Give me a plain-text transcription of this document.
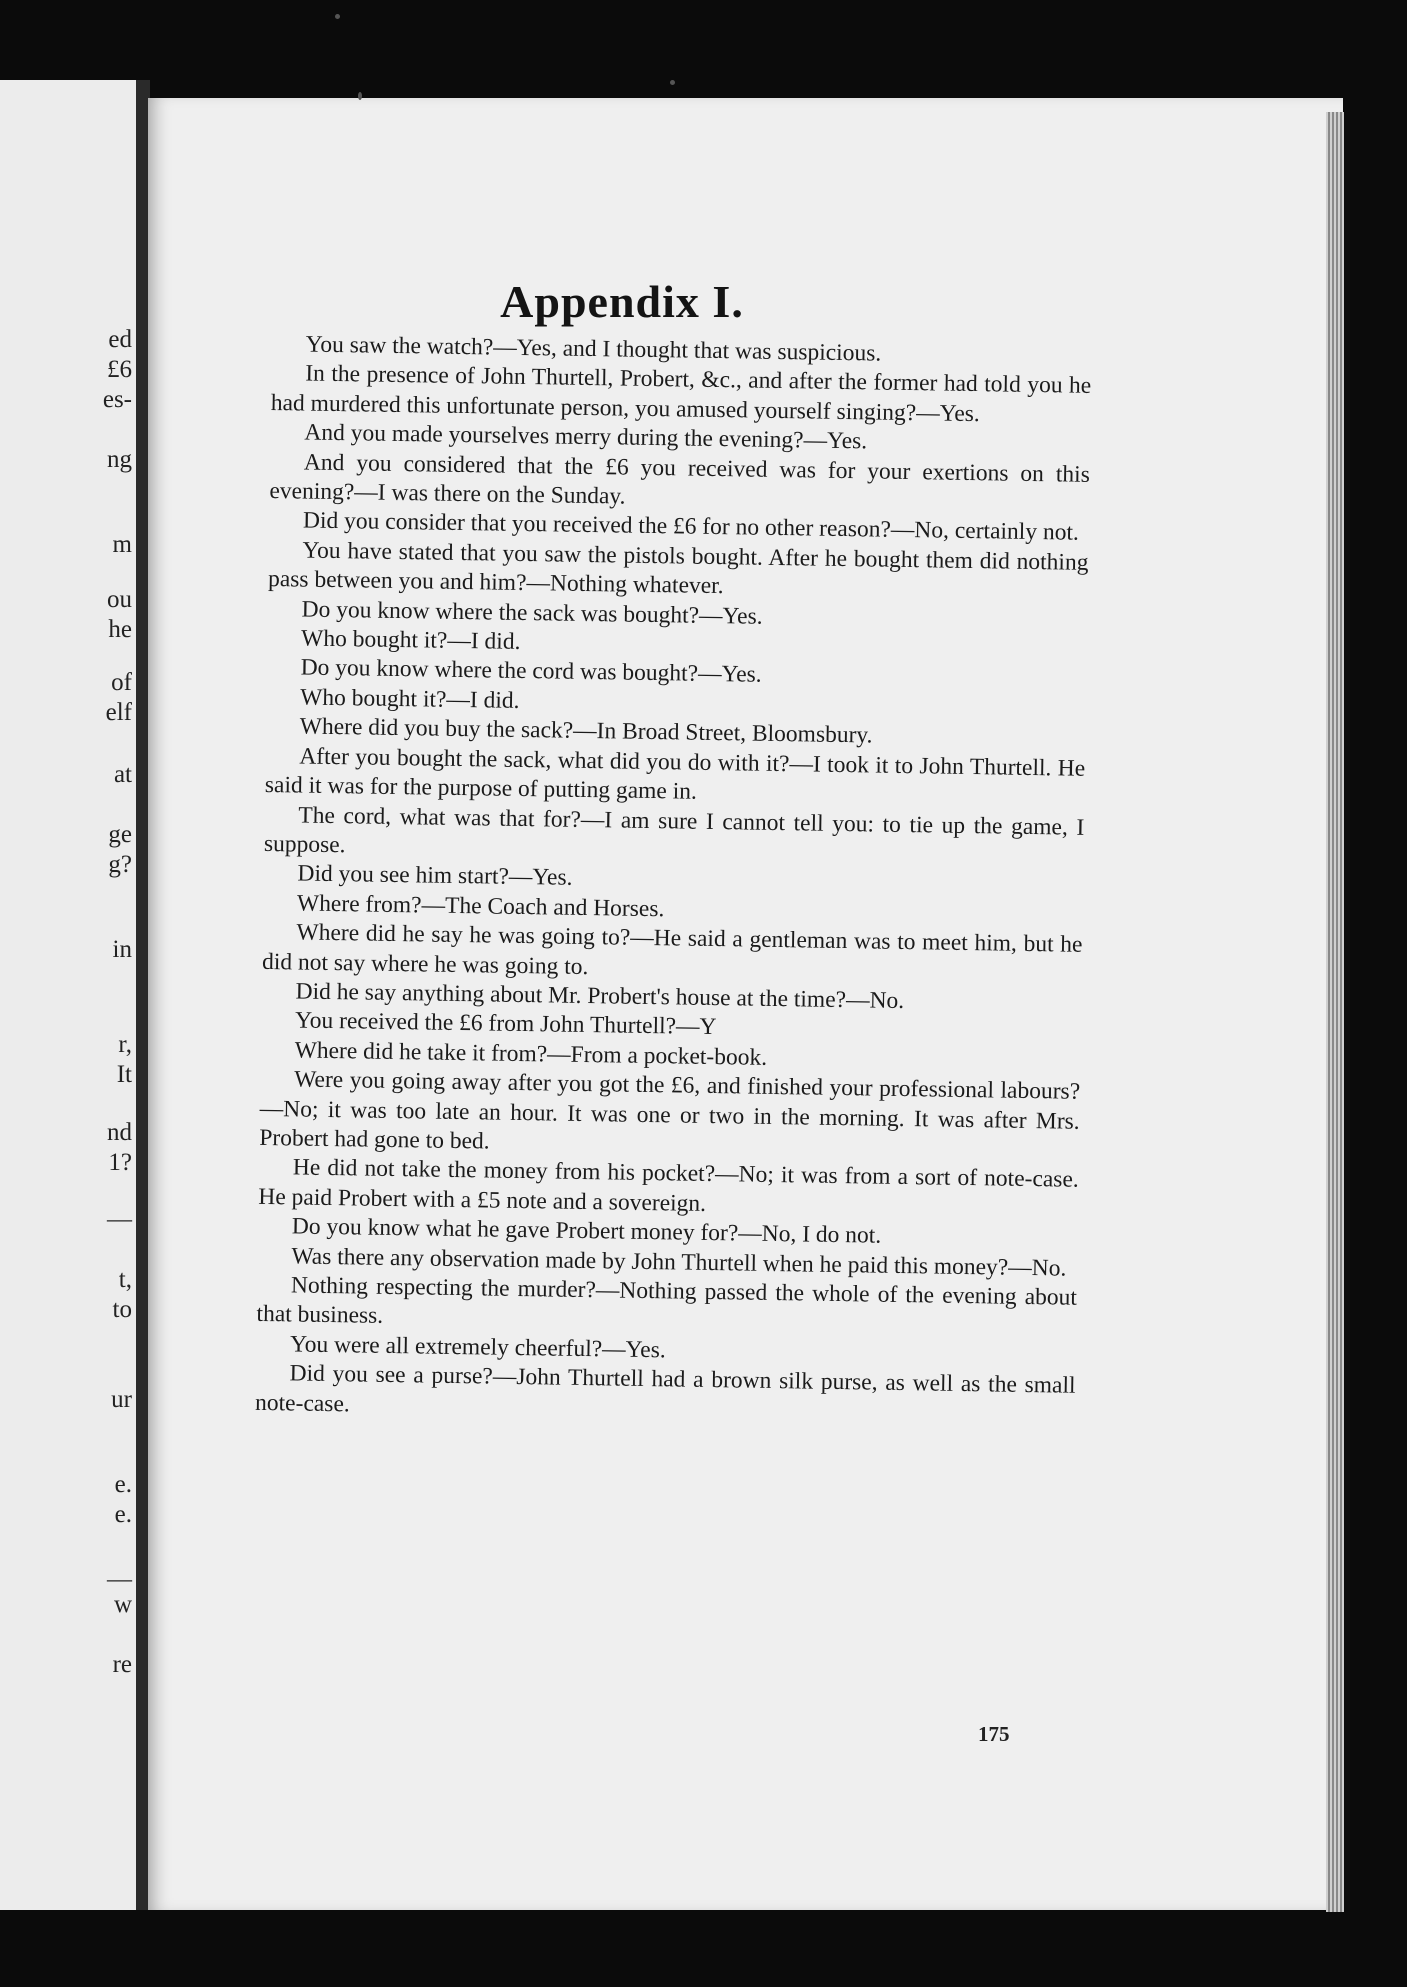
ed
£6
es-
ng
m
ou
he
of
elf
at
ge
g?
in
r,
It
nd
1?
—
t,
to
ur
e.
e.
—
w
re
Appendix I.

You saw the watch?—Yes, and I thought that was suspicious.

In the presence of John Thurtell, Probert, &c., and after the former had told you he had murdered this unfortunate person, you amused yourself singing?—Yes.

And you made yourselves merry during the evening?—Yes.

And you considered that the £6 you received was for your exertions on this evening?—I was there on the Sunday.

Did you consider that you received the £6 for no other reason?—No, certainly not.

You have stated that you saw the pistols bought. After he bought them did nothing pass between you and him?—Nothing whatever.

Do you know where the sack was bought?—Yes.

Who bought it?—I did.

Do you know where the cord was bought?—Yes.

Who bought it?—I did.

Where did you buy the sack?—In Broad Street, Bloomsbury.

After you bought the sack, what did you do with it?—I took it to John Thurtell. He said it was for the purpose of putting game in.

The cord, what was that for?—I am sure I cannot tell you: to tie up the game, I suppose.

Did you see him start?—Yes.

Where from?—The Coach and Horses.

Where did he say he was going to?—He said a gentleman was to meet him, but he did not say where he was going to.

Did he say anything about Mr. Probert's house at the time?—No.

You received the £6 from John Thurtell?—Y

Where did he take it from?—From a pocket-book.

Were you going away after you got the £6, and finished your professional labours?—No; it was too late an hour. It was one or two in the morning. It was after Mrs. Probert had gone to bed.

He did not take the money from his pocket?—No; it was from a sort of note-case. He paid Probert with a £5 note and a sovereign.

Do you know what he gave Probert money for?—No, I do not.

Was there any observation made by John Thurtell when he paid this money?—No.

Nothing respecting the murder?—Nothing passed the whole of the evening about that business.

You were all extremely cheerful?—Yes.

Did you see a purse?—John Thurtell had a brown silk purse, as well as the small note-case.

175
